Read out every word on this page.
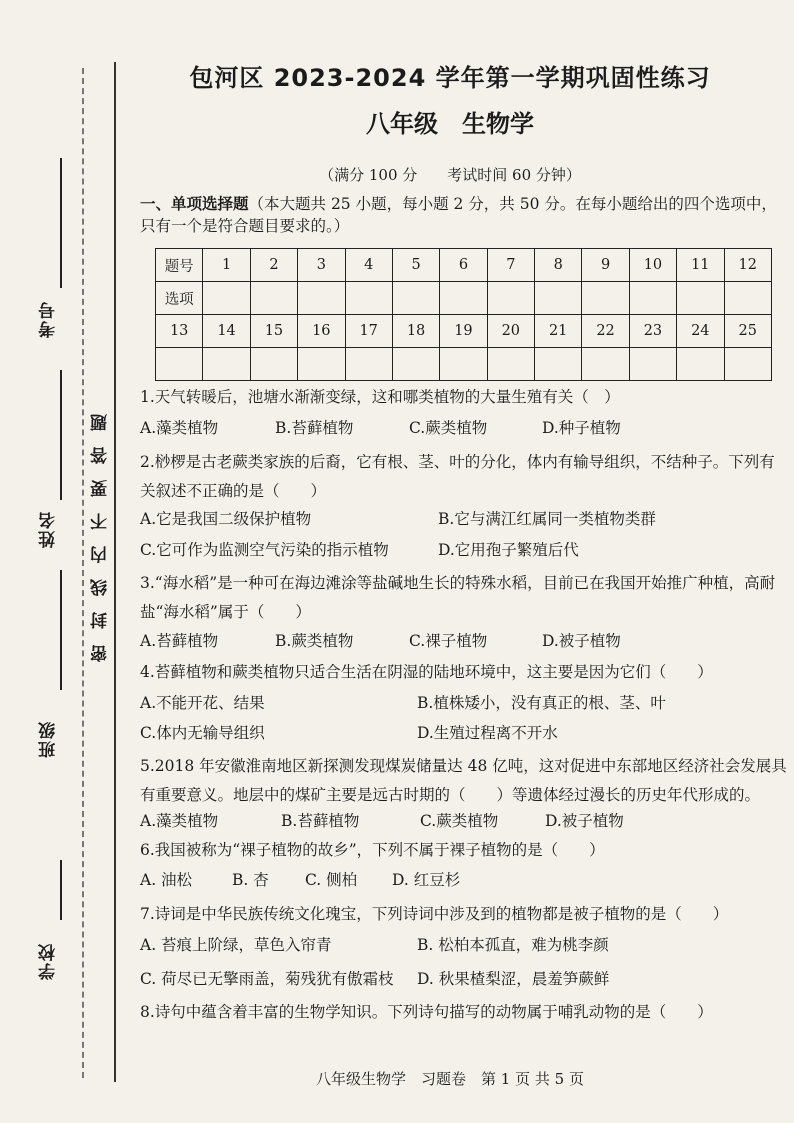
考号
姓名
班级
学校
密封线内不要答题
包河区 2023-2024 学年第一学期巩固性练习
八年级　生物学
（满分 100 分　　考试时间 60 分钟）
一、单项选择题（本大题共 25 小题，每小题 2 分，共 50 分。在每小题给出的四个选项中，只有一个是符合题目要求的。）
题号	1	2	3	4	5	6	7	8	9	10	11	12
选项												
13	14	15	16	17	18	19	20	21	22	23	24	25

1.天气转暖后，池塘水渐渐变绿，这和哪类植物的大量生殖有关（　）
A.藻类植物	B.苔藓植物	C.蕨类植物	D.种子植物
2.桫椤是古老蕨类家族的后裔，它有根、茎、叶的分化，体内有输导组织，不结种子。下列有关叙述不正确的是（　　）
A.它是我国二级保护植物	B.它与满江红属同一类植物类群
C.它可作为监测空气污染的指示植物	D.它用孢子繁殖后代
3.“海水稻”是一种可在海边滩涂等盐碱地生长的特殊水稻，目前已在我国开始推广种植，高耐盐“海水稻”属于（　　）
A.苔藓植物	B.蕨类植物	C.裸子植物	D.被子植物
4.苔藓植物和蕨类植物只适合生活在阴湿的陆地环境中，这主要是因为它们（　　）
A.不能开花、结果	B.植株矮小，没有真正的根、茎、叶
C.体内无输导组织	D.生殖过程离不开水
5.2018 年安徽淮南地区新探测发现煤炭储量达 48 亿吨，这对促进中东部地区经济社会发展具有重要意义。地层中的煤矿主要是远古时期的（　　）等遗体经过漫长的历史年代形成的。
A.藻类植物	B.苔藓植物	C.蕨类植物	D.被子植物
6.我国被称为“裸子植物的故乡”，下列不属于裸子植物的是（　　）
A. 油松	B. 杏 C. 侧柏 D. 红豆杉
7.诗词是中华民族传统文化瑰宝，下列诗词中涉及到的植物都是被子植物的是（　　）
A. 苔痕上阶绿，草色入帘青	B. 松柏本孤直，难为桃李颜
C. 荷尽已无擎雨盖，菊残犹有傲霜枝 D. 秋果楂梨涩，晨羞笋蕨鲜
8.诗句中蕴含着丰富的生物学知识。下列诗句描写的动物属于哺乳动物的是（　　）
八年级生物学　习题卷　第 1 页 共 5 页
